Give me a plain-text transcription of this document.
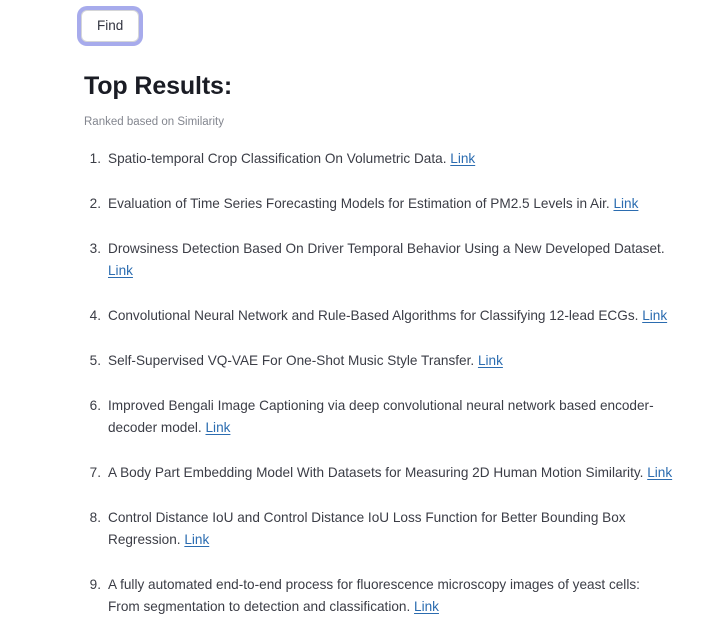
Find
Top Results:

Ranked based on Similarity

Spatio-temporal Crop Classification On Volumetric Data. Link
Evaluation of Time Series Forecasting Models for Estimation of PM2.5 Levels in Air. Link
Drowsiness Detection Based On Driver Temporal Behavior Using a New Developed Dataset. Link
Convolutional Neural Network and Rule-Based Algorithms for Classifying 12-lead ECGs. Link
Self-Supervised VQ-VAE For One-Shot Music Style Transfer. Link
Improved Bengali Image Captioning via deep convolutional neural network based encoder-decoder model. Link
A Body Part Embedding Model With Datasets for Measuring 2D Human Motion Similarity. Link
Control Distance IoU and Control Distance IoU Loss Function for Better Bounding Box Regression. Link
A fully automated end-to-end process for fluorescence microscopy images of yeast cells: From segmentation to detection and classification. Link
